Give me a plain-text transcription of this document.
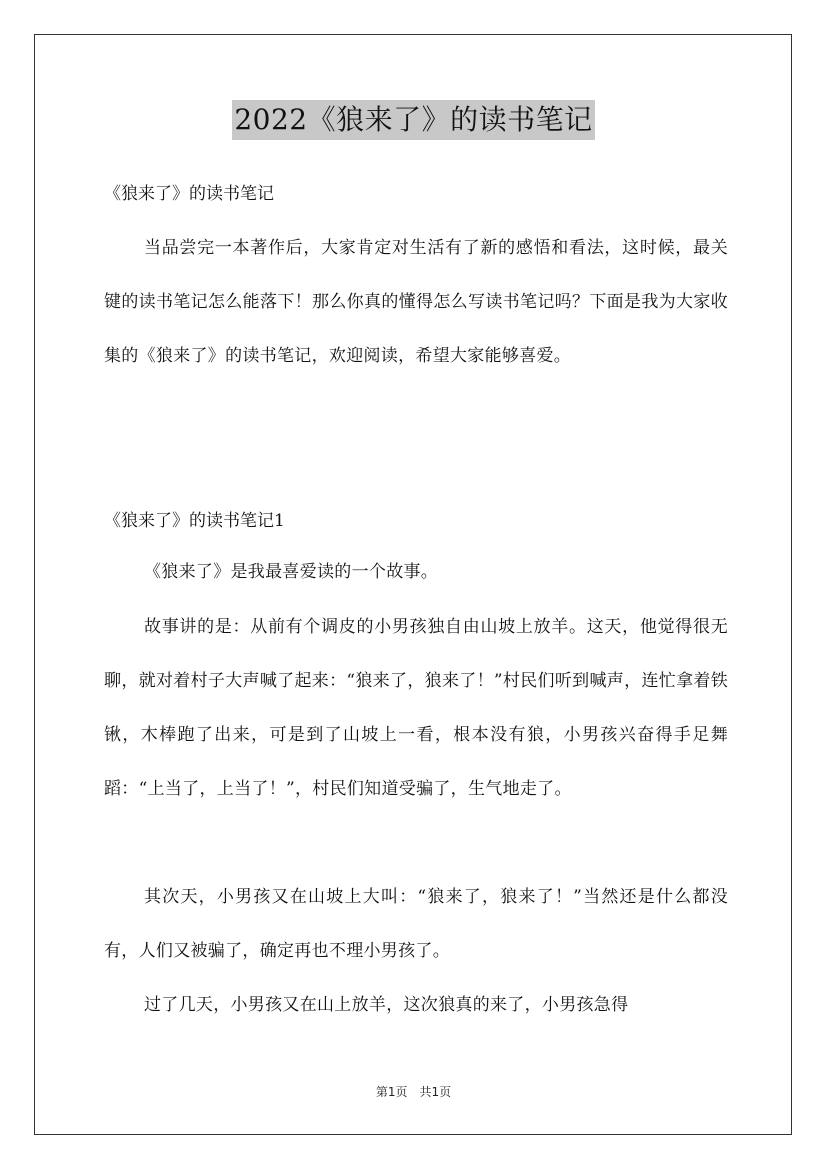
2022《狼来了》的读书笔记
《狼来了》的读书笔记

当品尝完一本著作后，大家肯定对生活有了新的感悟和看法，这时候，最关键的读书笔记怎么能落下！那么你真的懂得怎么写读书笔记吗？下面是我为大家收集的《狼来了》的读书笔记，欢迎阅读，希望大家能够喜爱。

《狼来了》的读书笔记1

《狼来了》是我最喜爱读的一个故事。

故事讲的是：从前有个调皮的小男孩独自由山坡上放羊。这天，他觉得很无聊，就对着村子大声喊了起来：“狼来了，狼来了！”村民们听到喊声，连忙拿着铁锹，木棒跑了出来，可是到了山坡上一看，根本没有狼，小男孩兴奋得手足舞蹈：“上当了，上当了！”，村民们知道受骗了，生气地走了。

其次天，小男孩又在山坡上大叫：“狼来了，狼来了！”当然还是什么都没有，人们又被骗了，确定再也不理小男孩了。

过了几天，小男孩又在山上放羊，这次狼真的来了，小男孩急得

第1页 共1页
